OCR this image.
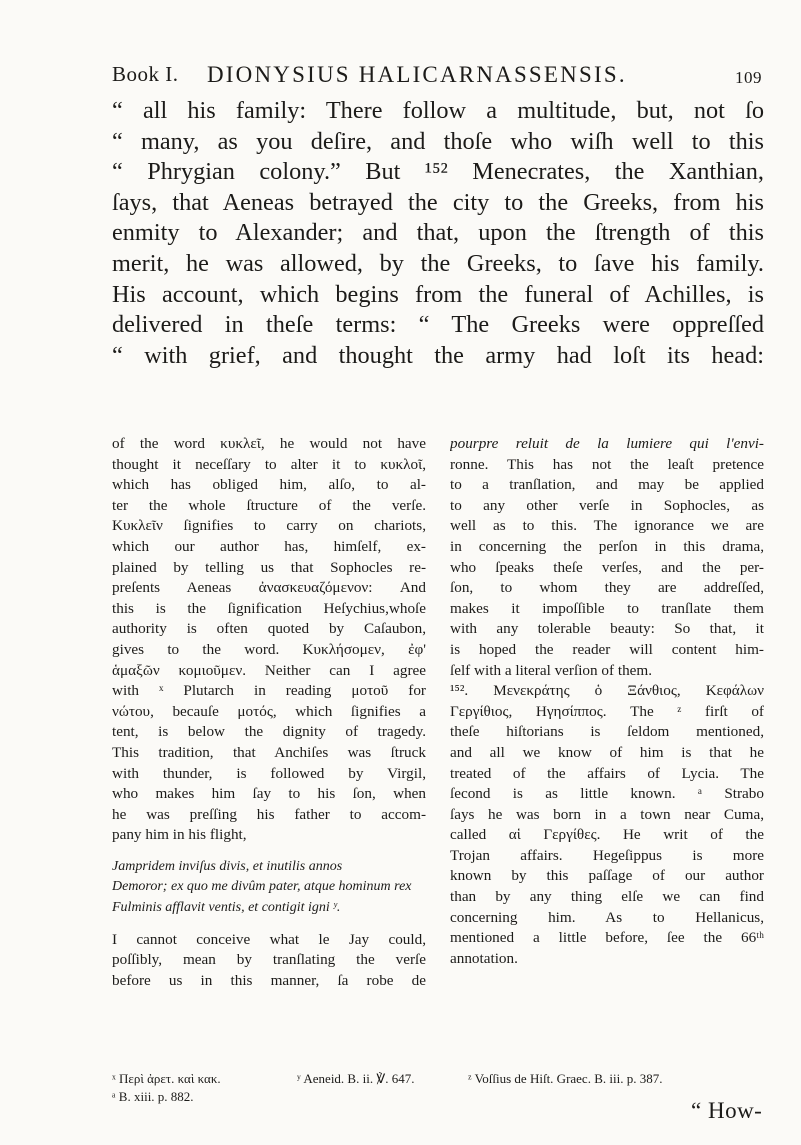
Book I. DIONYSIUS HALICARNASSENSIS.	109
“ all his family: There follow a multitude, but, not ſo
“ many, as you deſire, and thoſe who wiſh well to this
“ Phrygian colony.” But ¹⁵² Menecrates, the Xanthian,
ſays, that Aeneas betrayed the city to the Greeks, from his
enmity to Alexander; and that, upon the ſtrength of this
merit, he was allowed, by the Greeks, to ſave his family.
His account, which begins from the funeral of Achilles, is
delivered in theſe terms: “ The Greeks were oppreſſed
“ with grief, and thought the army had loſt its head:
of the word κυκλεῖ, he would not have
thought it neceſſary to alter it to κυκλοῖ,
which has obliged him, alſo, to al-
ter the whole ſtructure of the verſe.
Κυκλεῖν ſignifies to carry on chariots,
which our author has, himſelf, ex-
plained by telling us that Sophocles re-
preſents Aeneas ἀνασκευαζόμενον: And
this is the ſignification Heſychius,whoſe
authority is often quoted by Caſaubon,
gives to the word. Κυκλήσομεν, ἐφ'
ἁμαξῶν κομιοῦμεν. Neither can I agree
with ˣ Plutarch in reading μοτοῦ for
νώτου, becauſe μοτός, which ſignifies a
tent, is below the dignity of tragedy.
This tradition, that Anchiſes was ſtruck
with thunder, is followed by Virgil,
who makes him ſay to his ſon, when
he was preſſing his father to accom-
pany him in his flight,
Jampridem inviſus divis, et inutilis annos
Demoror; ex quo me divûm pater, atque hominum rex
Fulminis afflavit ventis, et contigit igni ʸ.
I cannot conceive what le Jay could,
poſſibly, mean by tranſlating the verſe
before us in this manner, ſa robe de
pourpre reluit de la lumiere qui l'envi-
ronne. This has not the leaſt pretence
to a tranſlation, and may be applied
to any other verſe in Sophocles, as
well as to this. The ignorance we are
in concerning the perſon in this drama,
who ſpeaks theſe verſes, and the per-
ſon, to whom they are addreſſed,
makes it impoſſible to tranſlate them
with any tolerable beauty: So that, it
is hoped the reader will content him-
ſelf with a literal verſion of them.
¹⁵². Μενεκράτης ὁ Ξάνθιος, Κεφάλων
Γεργίθιος, Ηγησίππος. The ᶻ firſt of
theſe hiſtorians is ſeldom mentioned,
and all we know of him is that he
treated of the affairs of Lycia. The
ſecond is as little known. ᵃ Strabo
ſays he was born in a town near Cuma,
called αἱ Γεργίθες. He writ of the
Trojan affairs. Hegeſippus is more
known by this paſſage of our author
than by any thing elſe we can find
concerning him. As to Hellanicus,
mentioned a little before, ſee the 66ᵗʰ
annotation.
ˣ Περὶ ἀρετ. καὶ κακ.	ʸ Aeneid. B. ii. ℣. 647.	ᶻ Voſſius de Hiſt. Graec. B. iii. p. 387.
ᵃ B. xiii. p. 882.
“ How-
